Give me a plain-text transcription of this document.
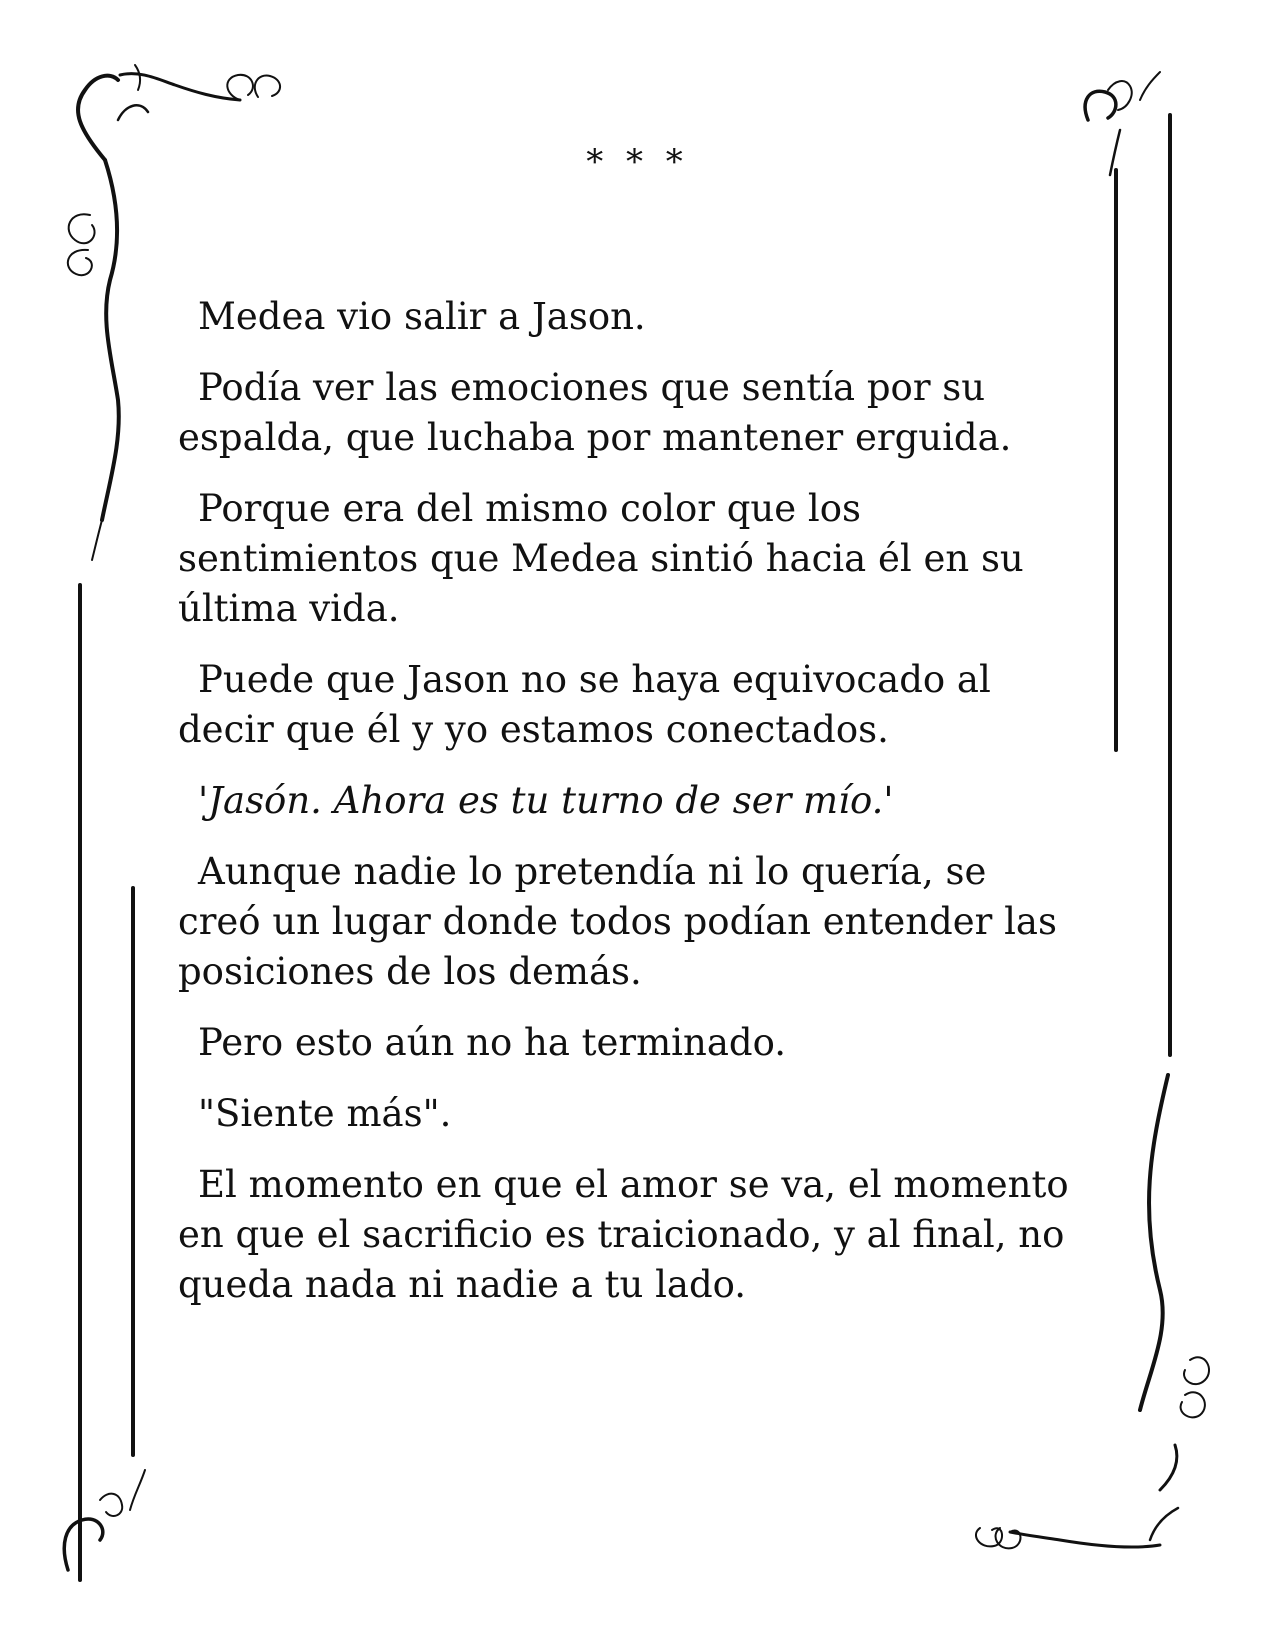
* * *

Medea vio salir a Jason.

Podía ver las emociones que sentía por su espalda, que luchaba por mantener erguida.

Porque era del mismo color que los sentimientos que Medea sintió hacia él en su última vida.

Puede que Jason no se haya equivocado al decir que él y yo estamos conectados.

'Jasón. Ahora es tu turno de ser mío.'

Aunque nadie lo pretendía ni lo quería, se creó un lugar donde todos podían entender las posiciones de los demás.

Pero esto aún no ha terminado.

"Siente más".

El momento en que el amor se va, el momento en que el sacrificio es traicionado, y al final, no queda nada ni nadie a tu lado.
